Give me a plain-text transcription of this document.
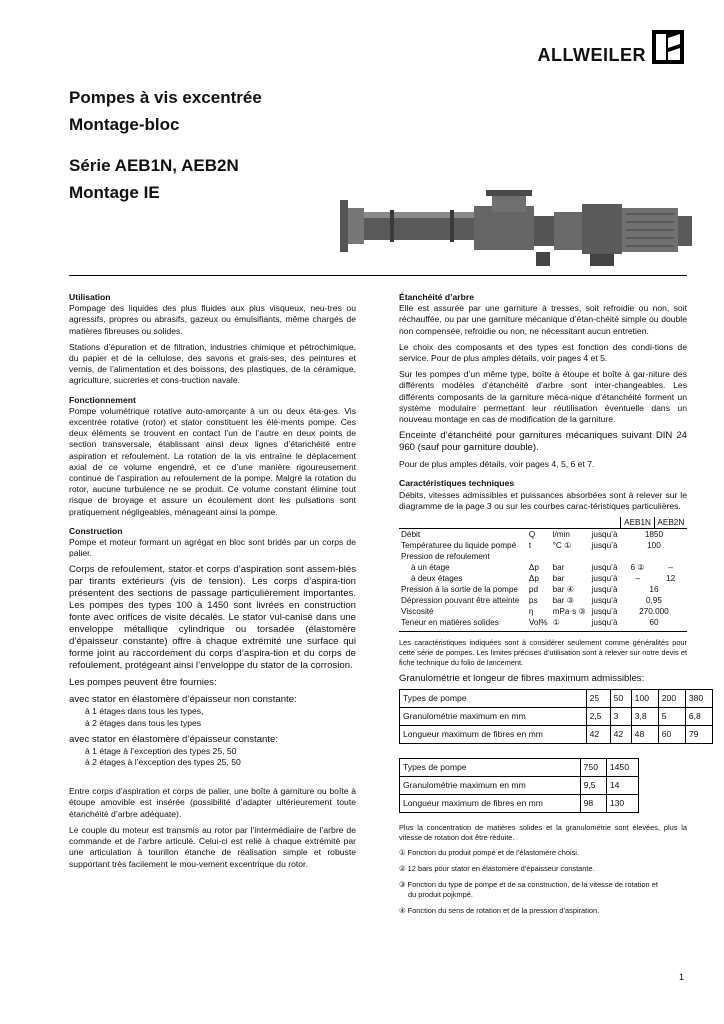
ALLWEILER
Pompes à vis excentrée
Montage-bloc
Série AEB1N, AEB2N
Montage IE
Utilisation

Pompage des liquides des plus fluides aux plus visqueux, neu-tres ou agressifs, propres ou abrasifs, gazeux ou émulsifiants, même chargés de matières fibreuses ou solides.

Stations d’épuration et de filtration, industries chimique et pétrochimique, du papier et de la cellulose, des savons et grais-ses, des peintures et vernis, de l’alimentation et des boissons, des plastiques, de la céramique, agriculture, sucreries et cons-truction navale.

Fonctionnement

Pompe volumétrique rotative auto-amorçante à un ou deux éta-ges. Vis excentrée rotative (rotor) et stator constituent les élé-ments pompe. Ces deux éléments se trouvent en contact l’un de l’autre en deux points de section transversale, établissant ainsi deux lignes d’étanchéité entre aspiration et refoulement. La rotation de la vis entraîne le déplacement axial de ce volume engendré, et ce d’une manière rigoureusement continue de l’aspiration au refoulement de la pompe. Malgré la rotation du rotor, aucune turbulence ne se produit. Ce volume constant élimine tout risque de broyage et assure un écoulement dont les pulsations sont pratiquement négligeables, ménageant ainsi la pompe.

Construction

Pompe et moteur formant un agrégat en bloc sont bridés par un corps de palier.

Corps de refoulement, stator et corps d’aspiration sont assem-blés par tirants extérieurs (vis de tension). Les corps d’aspira-tion présentent des sections de passage particulièrement importantes. Les pompes des types 100 à 1450 sont livrées en construction fonte avec orifices de visite décalés. Le stator vul-canisé dans une enveloppe métallique cylindrique ou torsadée (élastomère d’épaisseur constante) offre à chaque extrémité une surface qui forme joint au raccordement du corps d’aspira-tion et du corps de refoulement, protégeant ainsi l’enveloppe du stator de la corrosion.

Les pompes peuvent être fournies:

avec stator en élastomère d’épaisseur non constante:

à 1 étages dans tous les types,
à 2 étages dans tous les types

avec stator en élastomère d’épaisseur constante:

à 1 étage à l’exception des types 25, 50
à 2 étages à l’exception des types 25, 50

Entre corps d’aspiration et corps de palier, une boîte à garniture ou boîte à étoupe amovible est insérée (possibilité d’adapter ultérieurement toute étanchéité d’arbre adéquate).

Le couple du moteur est transmis au rotor par l’intermédiaire de l’arbre de commande et de l’arbre articulé. Celui-ci est relié à chaque extrémité par une articulation à tourillon étanche de réalisation simple et robuste supportant très facilement le mou-vement excentrique du rotor.

Étanchéité d’arbre

Elle est assurée par une garniture à tresses, soit refroidie ou non, soit réchauffée, ou par une garniture mécanique d’étan-chéité simple ou double non compensée, refroidie ou non, ne nécessitant aucun entretien.

Le choix des composants et des types est fonction des condi-tions de service. Pour de plus amples détails, voir pages 4 et 5.

Sur les pompes d’un même type, boîte à étoupe et boîte à gar-niture des différents modèles d’étanchéité d’arbre sont inter-changeables. Les différents composants de la garniture méca-nique d’étanchéité forment un système modulaire permettant leur réutilisation éventuelle dans un nouveau montage en cas de modification de la garniture.

Enceinte d’étanchéité pour garnitures mécaniques suivant DIN 24 960 (sauf pour garniture double).

Pour de plus amples détails, voir pages 4, 5, 6 et 7.

Caractéristiques techniques

Débits, vitesses admissibles et puissances absorbées sont à relever sur le diagramme de la page 3 ou sur les courbes carac-téristiques particulières.

				AEB1N	AEB2N
Débit	Q	l/min	jusqu’à	1850	
Températuree du liquide pompé	t	°C ①	jusqu’à	100	
Pression de refoulement					
à un étage	Δp	bar	jusqu’à	6 ②	–
à deux étages	Δp	bar	jusqu’à	–	12
Pression à la sortie de la pompe	pd	bar ④	jusqu’à	16	
Dépression pouvant être atteinte	ps	bar ③	jusqu’à	0,95	
Viscosité	η	mPa·s ③	jusqu’à	270.000	
Teneur en matières solides	Vol%	①	jusqu’à	60	

Les caractéristiques indiquées sont à considérer seulement comme généralités pour cette série de pompes. Les limites précises d’utilisation sont à relever sur notre devis et fiche technique du folio de lancement.

Granulométrie et longeur de fibres maximum admissibles:
Types de pompe	25	50	100	200	380
Granulométrie maximum en mm	2,5	3	3,8	5	6,8
Longueur maximum de fibres en mm	42	42	48	60	79
Types de pompe	750	1450
Granulométrie maximum en mm	9,5	14
Longueur maximum de fibres en mm	98	130

Plus la concentration de matières solides et la granulométrie sont élevées, plus la vitesse de rotation doit être réduite.

① Fonction du produit pompé et de l’élastomère choisi.
② 12 bars pour stator en élastomère d’épaisseur constante.
③ Fonction du type de pompe et de sa construction, de la vitesse de rotation et
du produit pojkmpé.
④ Fonction du sens de rotation et de la pression d’aspiration.
1
